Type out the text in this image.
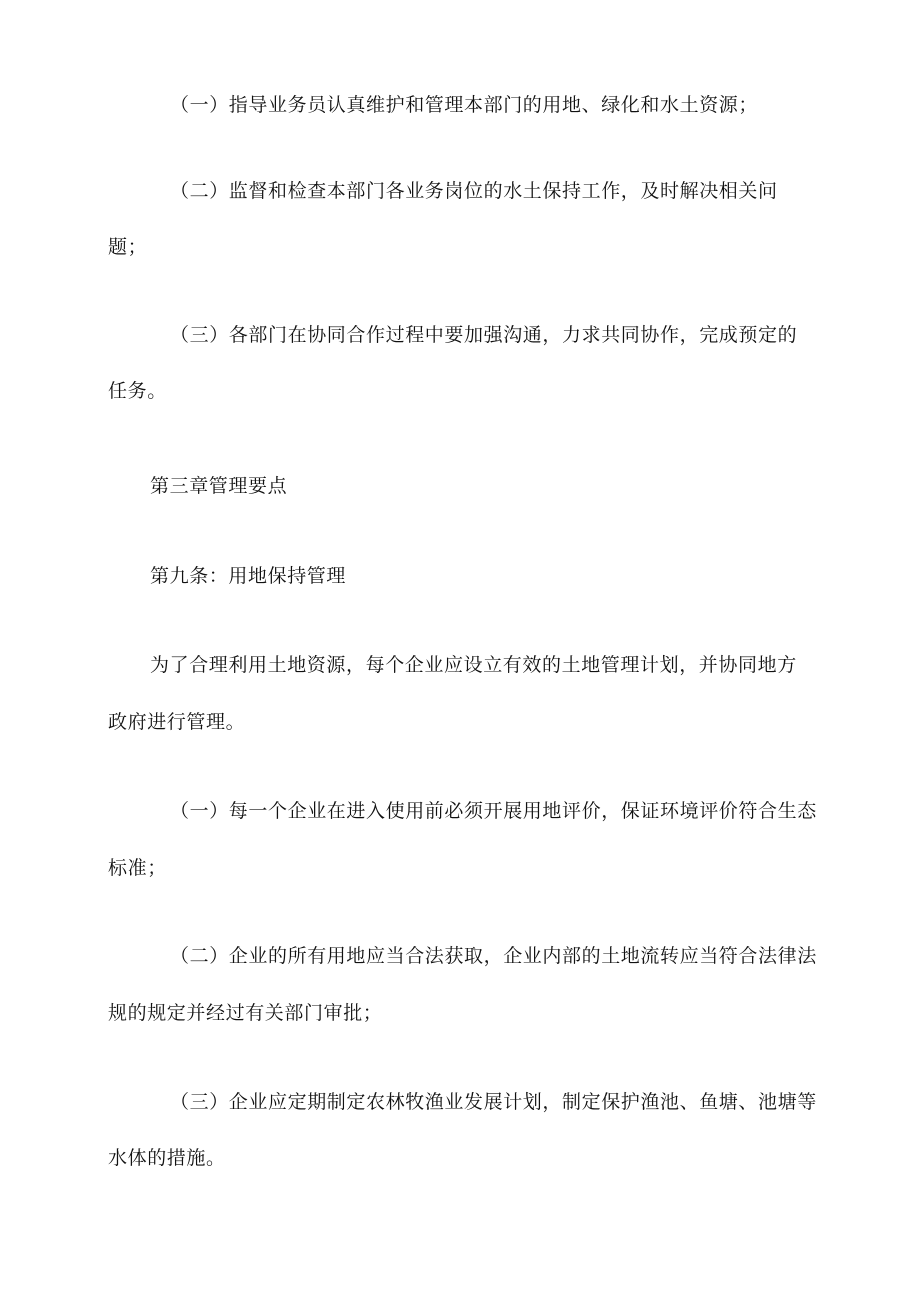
（一）指导业务员认真维护和管理本部门的用地、绿化和水土资源；
（二）监督和检查本部门各业务岗位的水土保持工作，及时解决相关问
题；
（三）各部门在协同合作过程中要加强沟通，力求共同协作，完成预定的
任务。
第三章管理要点
第九条：用地保持管理
为了合理利用土地资源，每个企业应设立有效的土地管理计划，并协同地方
政府进行管理。
（一）每一个企业在进入使用前必须开展用地评价，保证环境评价符合生态
标准；
（二）企业的所有用地应当合法获取，企业内部的土地流转应当符合法律法
规的规定并经过有关部门审批；
（三）企业应定期制定农林牧渔业发展计划，制定保护渔池、鱼塘、池塘等
水体的措施。
